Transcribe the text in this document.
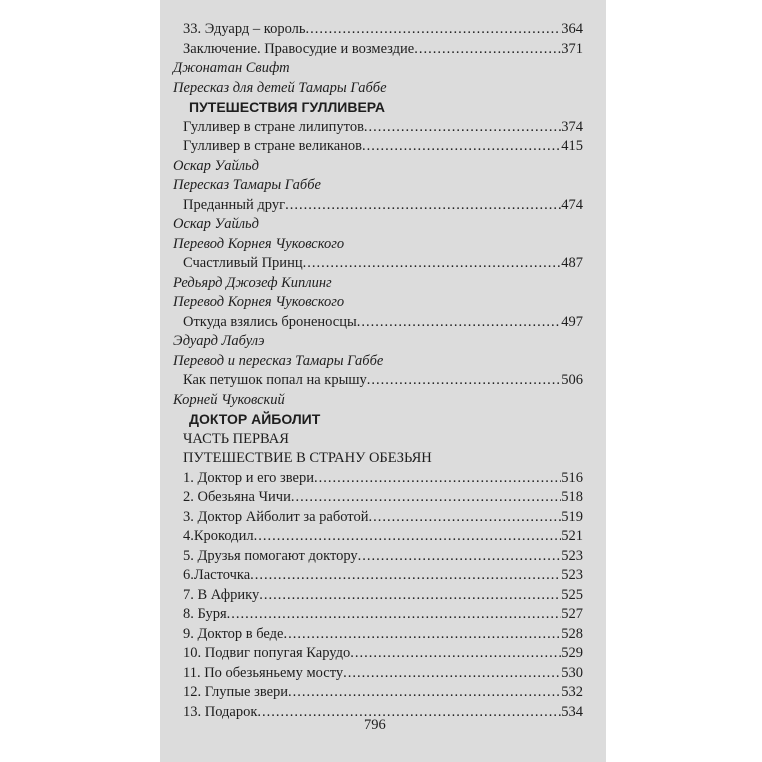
33. Эдуард – король .....	364
Заключение. Правосудие и возмездие .....	371
Джонатан Свифт
Пересказ для детей Тамары Габбе
ПУТЕШЕСТВИЯ ГУЛЛИВЕРА
Гулливер в стране лилипутов .....	374
Гулливер в стране великанов .....	415
Оскар Уайльд
Пересказ Тамары Габбе
Преданный друг .....	474
Оскар Уайльд
Перевод Корнея Чуковского
Счастливый Принц .....	487
Редьярд Джозеф Киплинг
Перевод Корнея Чуковского
Откуда взялись броненосцы .....	497
Эдуард Лабулэ
Перевод и пересказ Тамары Габбе
Как петушок попал на крышу .....	506
Корней Чуковский
ДОКТОР АЙБОЛИТ
ЧАСТЬ ПЕРВАЯ
ПУТЕШЕСТВИЕ В СТРАНУ ОБЕЗЬЯН
1. Доктор и его звери .....	516
2. Обезьяна Чичи .....	518
3. Доктор Айболит за работой .....	519
4.Крокодил .....	521
5. Друзья помогают доктору .....	523
6.Ласточка .....	523
7. В Африку .....	525
8. Буря .....	527
9. Доктор в беде .....	528
10. Подвиг попугая Карудо .....	529
11. По обезьяньему мосту .....	530
12. Глупые звери .....	532
13. Подарок .....	534
796
